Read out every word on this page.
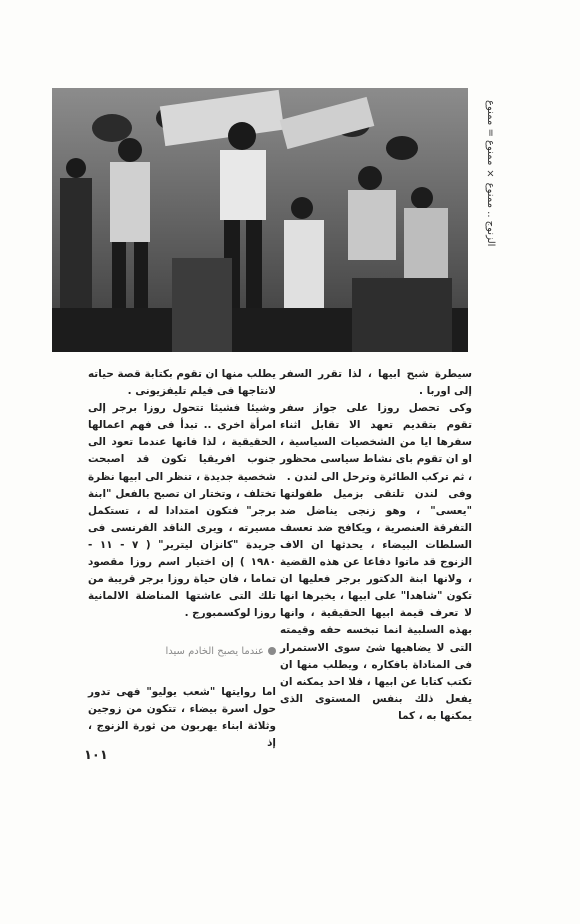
الزنوج .. ممنوع × ممنوع = ممنوع

سيطرة شبح ابيها ، لذا تقرر السفر إلى اوربا .

وكى تحصل روزا على جواز سفر تقوم بتقديم تعهد الا تقابل اثناء سفرها ايا من الشخصيات السياسية ، او ان تقوم باى نشاط سياسى محظور ، ثم تركب الطائرة وترحل الى لندن .

وفى لندن تلتقى بزميل طفولتها "يعسى" ، وهو زنجى يناضل ضد التفرقة العنصرية ، ويكافح ضد تعسف السلطات البيضاء ، يحدثها ان الاف الزنوج قد ماتوا دفاعا عن هذه القضية ، ولانها ابنة الدكتور برجر فعليها ان تكون "شاهدا" على ابيها ، يخبرها انها لا تعرف قيمة ابيها الحقيقية ، وانها بهذه السلبية انما تبخسه حقه وقيمته التى لا يضاهيها شئ سوى الاستمرار فى المناداة بافكاره ، ويطلب منها ان تكتب كتابا عن ابيها ، فلا احد يمكنه ان يفعل ذلك بنفس المستوى الذى يمكنها به ، كما

يطلب منها ان تقوم بكتابة قصة حياته لانتاجها فى فيلم تليفزيونى .

وشيئا فشيئا تتحول روزا برجر إلى امرأة اخرى .. تبدأ فى فهم اعمالها الحقيقية ، لذا فانها عندما تعود الى جنوب افريقيا تكون قد اصبحت شخصية جديدة ، تنظر الى ابيها نظرة تختلف ، وتختار ان تصبح بالفعل "ابنة برجر" فتكون امتدادا له ، تستكمل مسيرته ، ويرى الناقد الفرنسى فى جريدة "كانزان ليترير" ( ٧ - ١١ - ١٩٨٠ ) إن اختيار اسم روزا مقصود تماما ، فان حياة روزا برجر قريبة من تلك التى عاشتها المناضلة الالمانية روزا لوكسمبورج .

عندما يصبح الخادم سيدا

اما روايتها "شعب يوليو" فهى تدور حول اسرة بيضاء ، تتكون من زوجين وثلاثة ابناء يهربون من ثورة الزنوج ، إذ

١٠١
